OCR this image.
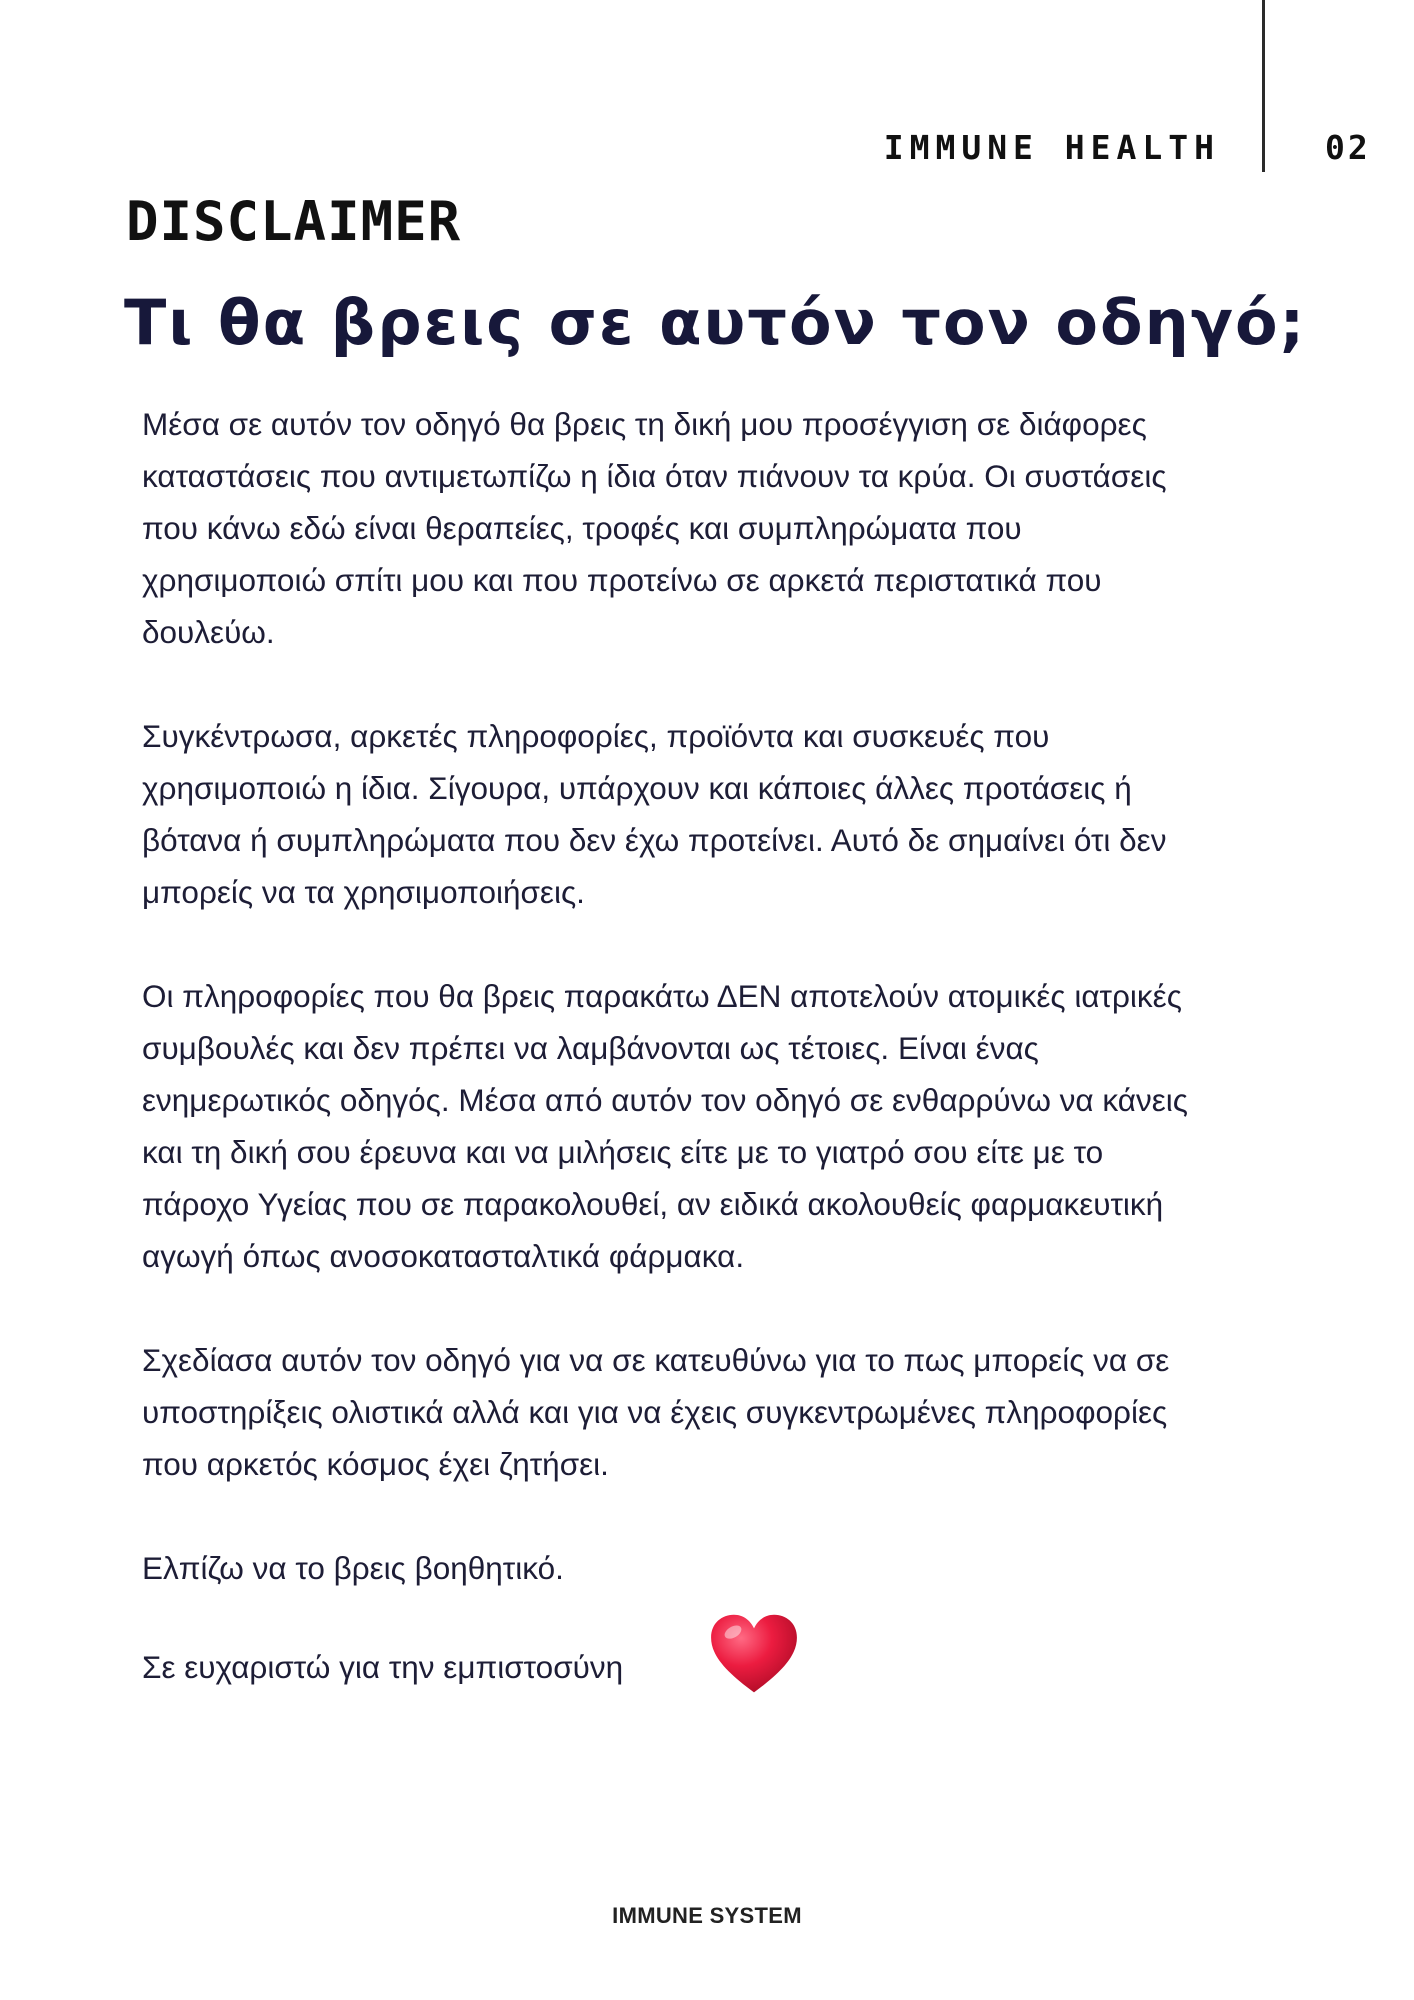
IMMUNE HEALTH	02
DISCLAIMER
Τι θα βρεις σε αυτόν τον οδηγό;

Μέσα σε αυτόν τον οδηγό θα βρεις τη δική μου προσέγγιση σε διάφορες
καταστάσεις που αντιμετωπίζω η ίδια όταν πιάνουν τα κρύα. Οι συστάσεις
που κάνω εδώ είναι θεραπείες, τροφές και συμπληρώματα που
χρησιμοποιώ σπίτι μου και που προτείνω σε αρκετά περιστατικά που
δουλεύω.

Συγκέντρωσα, αρκετές πληροφορίες, προϊόντα και συσκευές που
χρησιμοποιώ η ίδια. Σίγουρα, υπάρχουν και κάποιες άλλες προτάσεις ή
βότανα ή συμπληρώματα που δεν έχω προτείνει. Αυτό δε σημαίνει ότι δεν
μπορείς να τα χρησιμοποιήσεις.

Οι πληροφορίες που θα βρεις παρακάτω ΔΕΝ αποτελούν ατομικές ιατρικές
συμβουλές και δεν πρέπει να λαμβάνονται ως τέτοιες. Είναι ένας
ενημερωτικός οδηγός. Μέσα από αυτόν τον οδηγό σε ενθαρρύνω να κάνεις
και τη δική σου έρευνα και να μιλήσεις είτε με το γιατρό σου είτε με το
πάροχο Υγείας που σε παρακολουθεί, αν ειδικά ακολουθείς φαρμακευτική
αγωγή όπως ανοσοκατασταλτικά φάρμακα.

Σχεδίασα αυτόν τον οδηγό για να σε κατευθύνω για το πως μπορείς να σε
υποστηρίξεις ολιστικά αλλά και για να έχεις συγκεντρωμένες πληροφορίες
που αρκετός κόσμος έχει ζητήσει.

Ελπίζω να το βρεις βοηθητικό.

Σε ευχαριστώ για την εμπιστοσύνη
IMMUNE SYSTEM
